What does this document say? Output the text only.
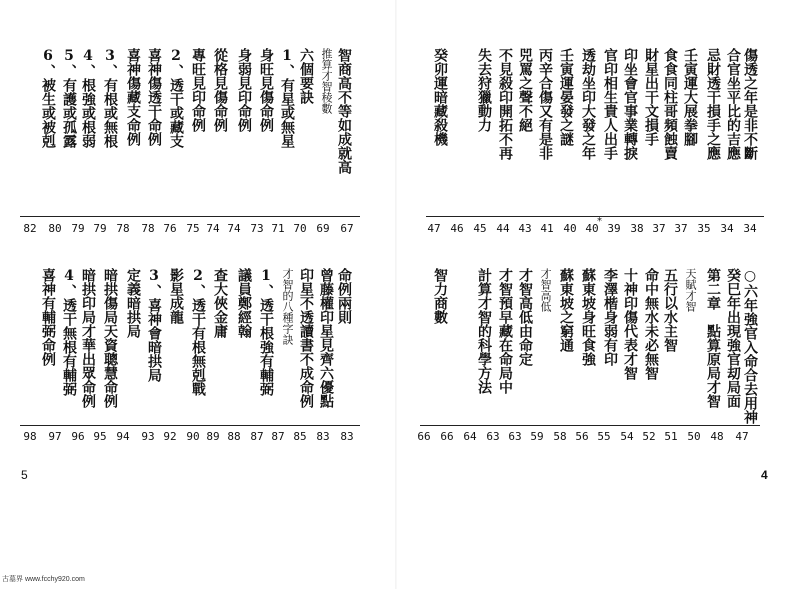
智商高不等如成就高
推算才智稜數
六個要訣
1、有星或無星
身旺見傷命例
身弱見印命例
從格見傷命例
專旺見印命例
2、透干或藏支
喜神傷透干命例
喜神傷藏支命例
3、有根或無根
4、根強或根弱
5、有護或孤露
6、被生或被剋
82 80 79 79 78 78 76 75 74 74 73 71 70 69 67
命例兩則
曾藤權印星見齊六優點
印星不透讀書不成命例
才智的八種字訣
1、透干根強有輔弼
議員鄭經翰
查大俠金庸
2、透干有根無剋戰
影星成龍
3、喜神會暗拱局
定義暗拱局
暗拱傷局天資聰慧命例
暗拱印局才華出眾命例
4、透干無根有輔弼
喜神有輔弼命例
98 97 96 95 94 93 92 90 89 88 87 87 85 83 83
5
傷透之年是非不斷
合官坐平比的吉應
忌財透干損手之應
壬寅運大展拳腳
食食同柱哥頻蝕賣
財星出干文損手
印坐會官事業轉捩
官印相生貴人出手
透劫坐印大發之年
壬寅運晏發之謎
丙辛合傷又有是非
兕罵之聲不絕
不見殺印開拓不再
失去狩獵動力
癸卯運暗藏殺機
*
47 46 45 44 43 41 40 40 39 38 37 37 35 34 34
○六年強官入命合去用神
癸巳年出現強官刧局面
第二章　點算原局才智
天賦才智
五行以水主智
命中無水未必無智
十神印傷代表才智
李澤楷身弱有印
蘇東坡身旺食強
蘇東坡之窮通
才智高低
才智高低由命定
才智預早藏在命局中
計算才智的科學方法
智力商數
66 66 64 63 63 59 58 56 55 54 52 51 50 48 47
4
古墓界 www.fcchy920.com
